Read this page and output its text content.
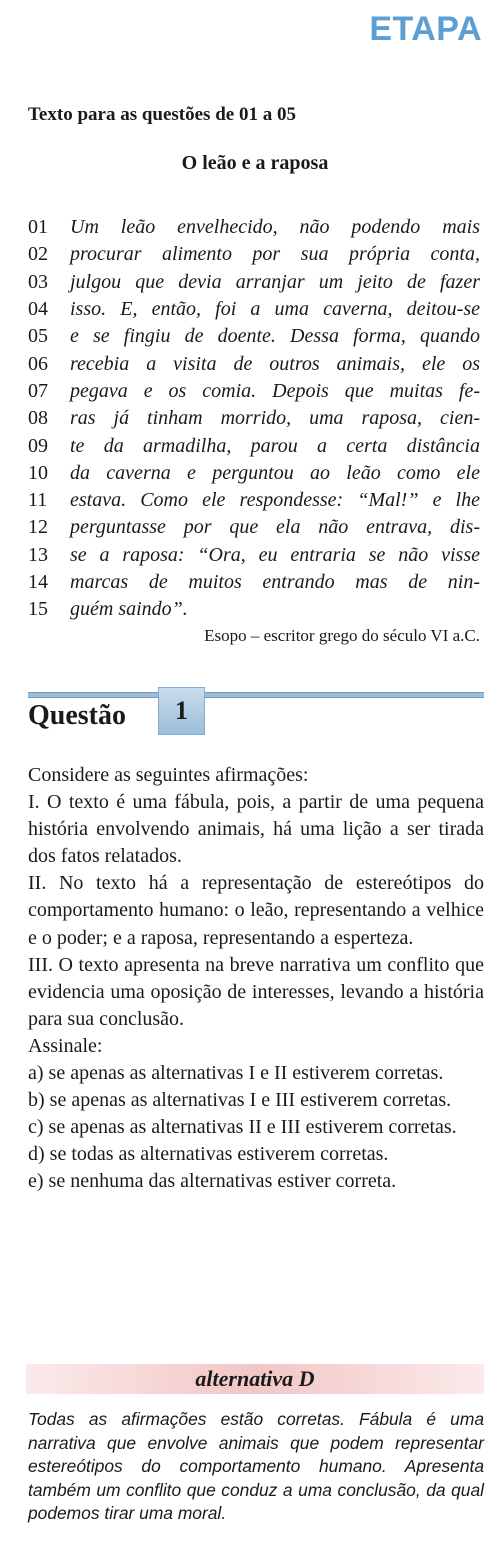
ETAPA
Texto para as questões de 01 a 05
O leão e a raposa
01	Um leão envelhecido, não podendo mais
02	procurar alimento por sua própria conta,
03	julgou que devia arranjar um jeito de fazer
04	isso. E, então, foi a uma caverna, deitou-se
05	e se fingiu de doente. Dessa forma, quando
06	recebia a visita de outros animais, ele os
07	pegava e os comia. Depois que muitas fe-
08	ras já tinham morrido, uma raposa, cien-
09	te da armadilha, parou a certa distância
10	da caverna e perguntou ao leão como ele
11	estava. Como ele respondesse: “Mal!” e lhe
12	perguntasse por que ela não entrava, dis-
13	se a raposa: “Ora, eu entraria se não visse
14	marcas de muitos entrando mas de nin-
15	guém saindo”.
Esopo – escritor grego do século VI a.C.
Questão 1

Considere as seguintes afirmações:

I. O texto é uma fábula, pois, a partir de uma pequena história envolvendo animais, há uma lição a ser tirada dos fatos relatados.

II. No texto há a representação de estereótipos do comportamento humano: o leão, representando a velhice e o poder; e a raposa, representando a esperteza.

III. O texto apresenta na breve narrativa um conflito que evidencia uma oposição de interesses, levando a história para sua conclusão.

Assinale:

a) se apenas as alternativas I e II estiverem corretas.

b) se apenas as alternativas I e III estiverem corretas.

c) se apenas as alternativas II e III estiverem corretas.

d) se todas as alternativas estiverem corretas.

e) se nenhuma das alternativas estiver correta.

alternativa D
Todas as afirmações estão corretas. Fábula é uma narrativa que envolve animais que podem representar estereótipos do comportamento humano. Apresenta também um conflito que conduz a uma conclusão, da qual podemos tirar uma moral.
